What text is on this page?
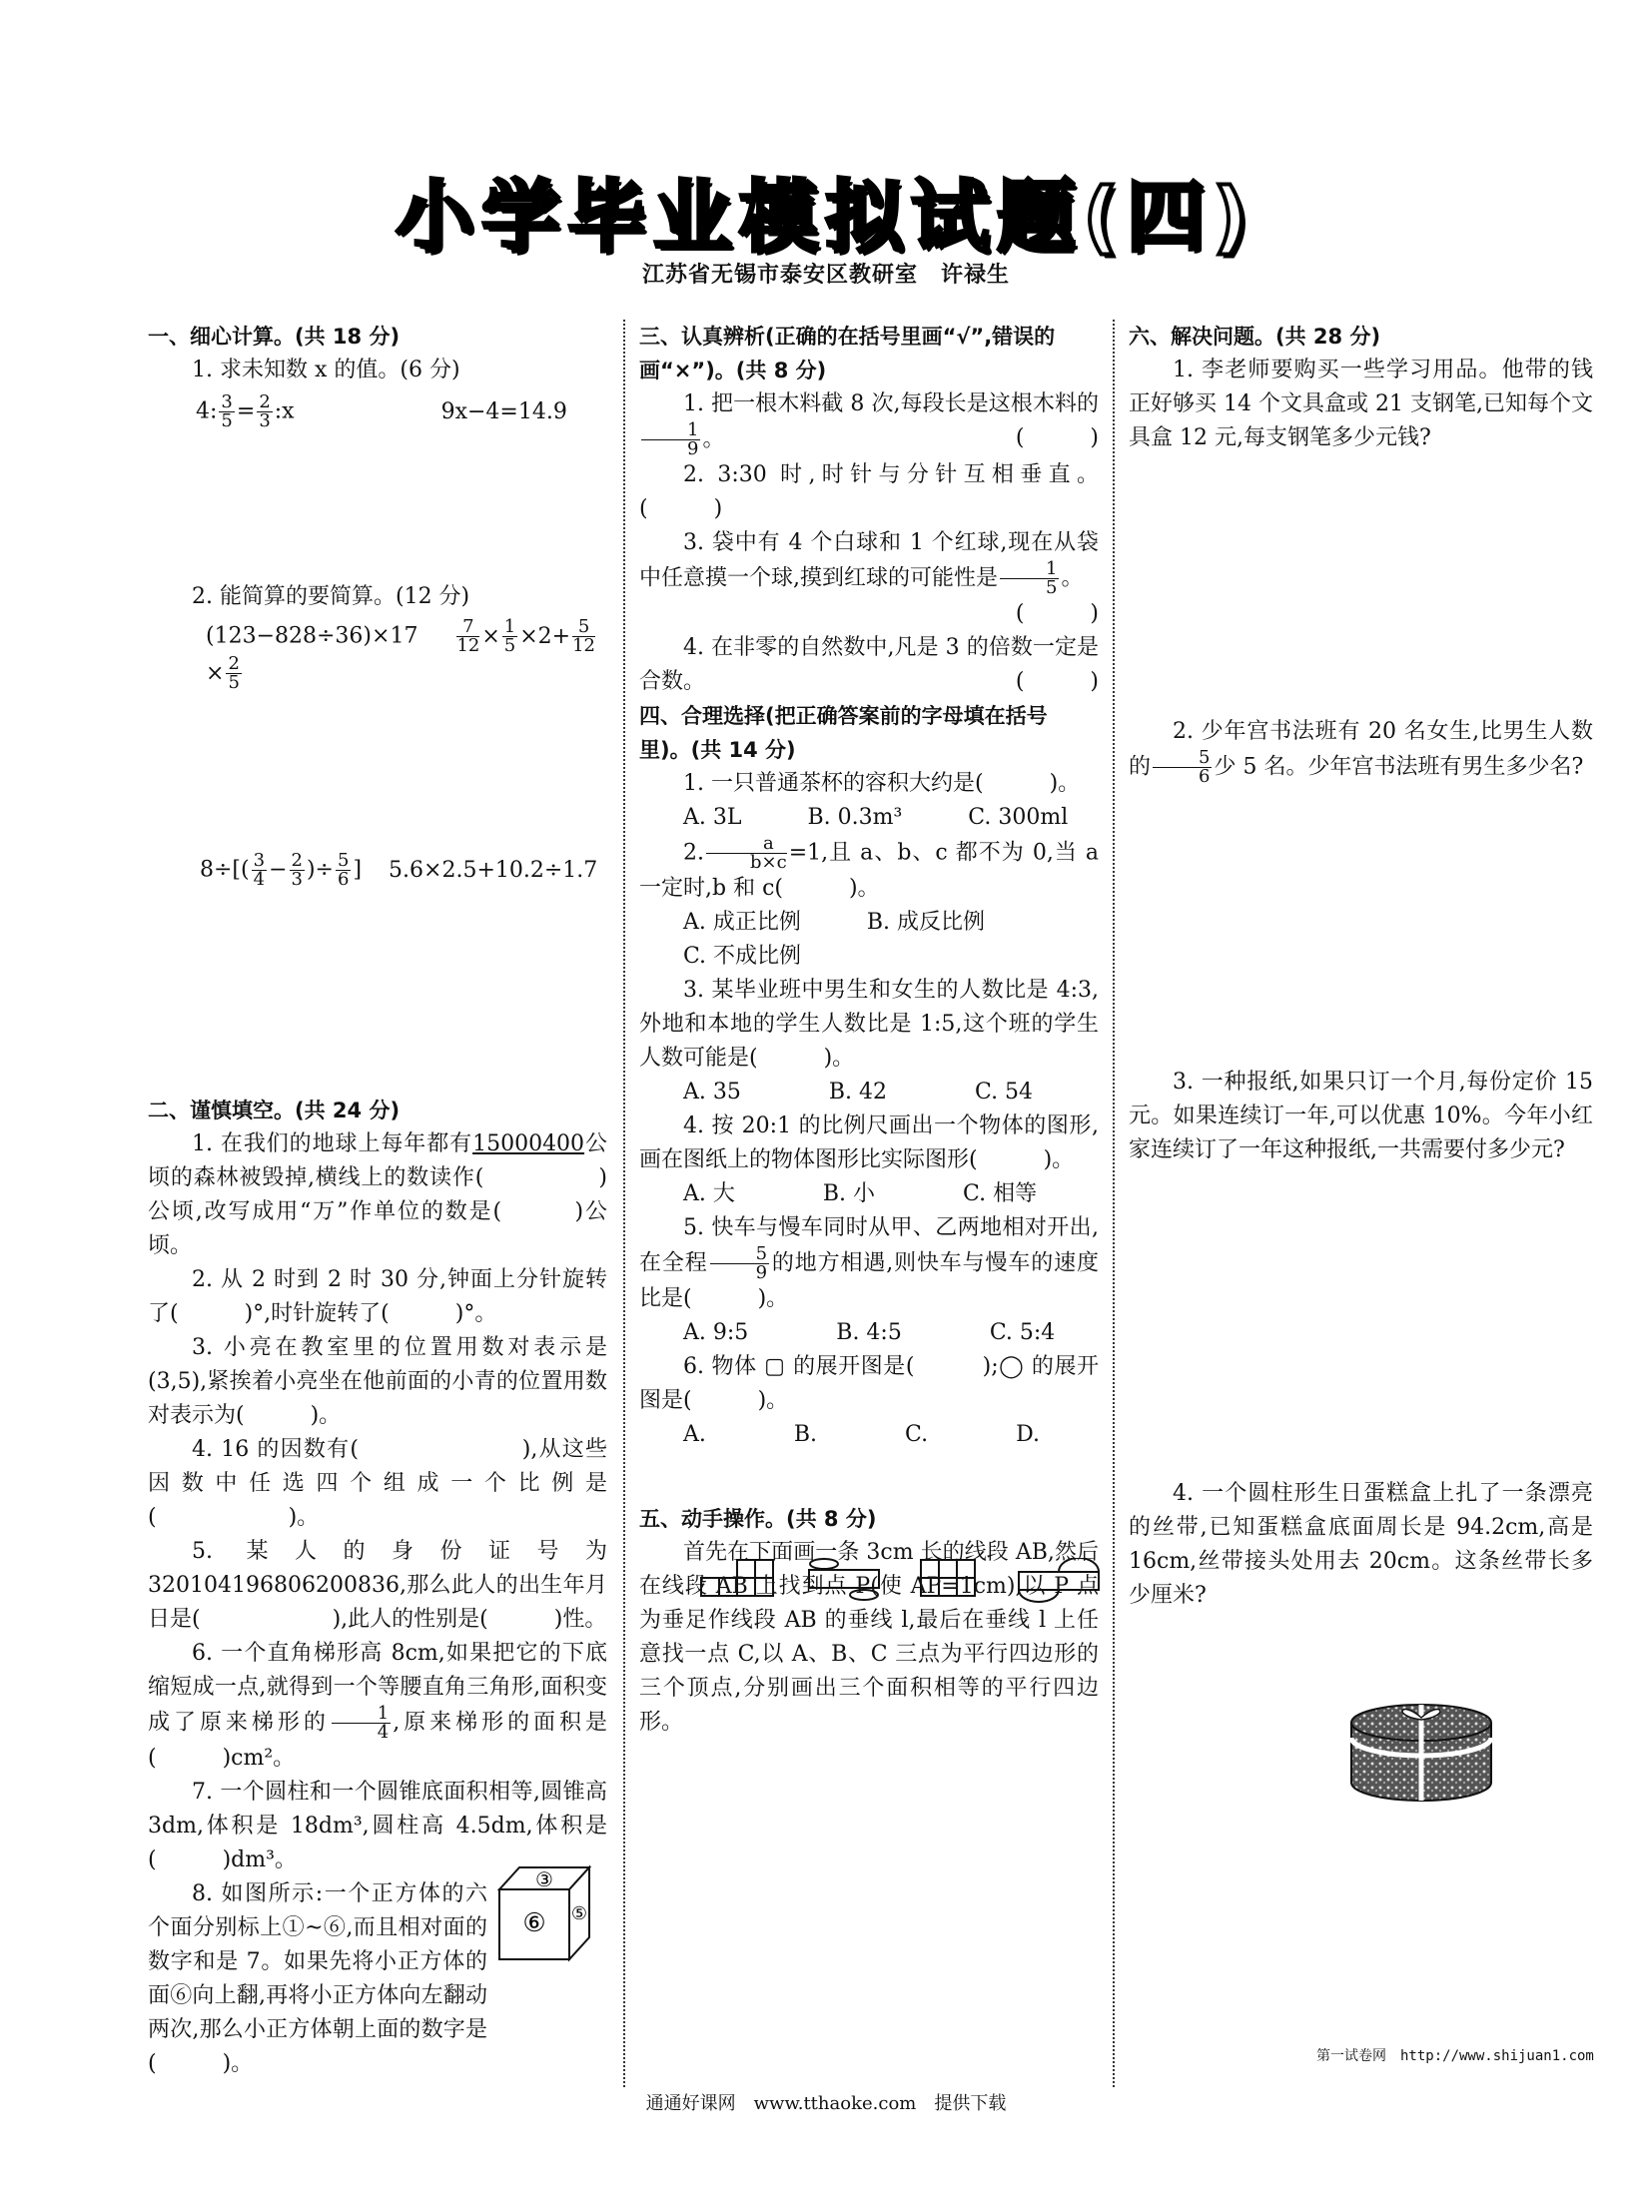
小学毕业模拟试题(四)
江苏省无锡市泰安区教研室　许禄生

一、细心计算。(共 18 分)

1. 求未知数 x 的值。(6 分)

4: $\frac{3}{5} = \frac{2}{3}$ :x	9x−4=14.9

2. 能简算的要简算。(12 分)

$(123-828\div 36)\times 17 \frac{7}{12} \times \frac{1}{5} \times 2+ \frac{5}{12}$
× $\frac{2}{5}$

$8\div[( \frac{3}{4} - \frac{2}{3}$ )÷ $\frac{5}{6}$ ] 5.6×2.5+10.2÷1.7

二、谨慎填空。(共 24 分)

1. 在我们的地球上每年都有15000400公顷的森林被毁掉,横线上的数读作(　　　　　)公顷,改写成用“万”作单位的数是(　　　)公顷。

2. 从 2 时到 2 时 30 分,钟面上分针旋转了(　　　)°,时针旋转了(　　　)°。

3. 小亮在教室里的位置用数对表示是(3,5),紧挨着小亮坐在他前面的小青的位置用数对表示为(　　　)。

4. 16 的因数有(　　　　　　　),从这些因数中任选四个组成一个比例是(　　　　　　)。

5. 某人的身份证号为 320104196806200836,那么此人的出生年月日是(　　　　　　),此人的性别是(　　　)性。

6. 一个直角梯形高 8cm,如果把它的下底缩短成一点,就得到一个等腰直角三角形,面积变成了原来梯形的 $\frac{1}{4}$ ,原来梯形的面积是(　　　)cm²。

7. 一个圆柱和一个圆锥底面积相等,圆锥高 3dm,体积是 18dm³,圆柱高 4.5dm,体积是(　　　)dm³。

8. 如图所示:一个正方体的六个面分别标上①~⑥,而且相对面的数字和是 7。如果先将小正方体的面⑥向上翻,再将小正方体向左翻动两次,那么小正方体朝上面的数字是(　　　)。

③
⑥ ⑤

三、认真辨析(正确的在括号里画“√”,错误的画“×”)。(共 8 分)

1. 把一根木料截 8 次,每段长是这根木料的
$\frac{1}{9}$ 。	(　　　)

2. 3:30 时,时针与分针互相垂直。(　　　)

3. 袋中有 4 个白球和 1 个红球,现在从袋中任意摸一个球,摸到红球的可能性是 $\frac{1}{5}$ 。

(　　　)

4. 在非零的自然数中,凡是 3 的倍数一定是合数。	(　　　)

四、合理选择(把正确答案前的字母填在括号里)。(共 14 分)

1. 一只普通茶杯的容积大约是(　　　)。

A. 3L　　　B. 0.3m³　　　C. 300ml

2. $\frac{a}{b\times c} =1$,且 a、b、c 都不为 0,当 a 一定时,b 和 c(　　　)。

A. 成正比例　　　B. 成反比例

C. 不成比例

3. 某毕业班中男生和女生的人数比是 4:3,外地和本地的学生人数比是 1:5,这个班的学生人数可能是(　　　)。

A. 35　　　　B. 42　　　　C. 54

4. 按 20:1 的比例尺画出一个物体的图形,画在图纸上的物体图形比实际图形(　　　)。

A. 大　　　　B. 小　　　　C. 相等

5. 快车与慢车同时从甲、乙两地相对开出,在全程 $\frac{5}{9}$ 的地方相遇,则快车与慢车的速度比是(　　　)。

A. 9:5　　　　B. 4:5　　　　C. 5:4

6. 物体 ▢ 的展开图是(　　　);◯ 的展开图是(　　　)。

A.　　　　B.　　　　C.　　　　D.

五、动手操作。(共 8 分)

首先在下面画一条 3cm 长的线段 AB,然后在线段 AB 上找到点 P(使 AP=1cm),以 P 点为垂足作线段 AB 的垂线 l,最后在垂线 l 上任意找一点 C,以 A、B、C 三点为平行四边形的三个顶点,分别画出三个面积相等的平行四边形。

六、解决问题。(共 28 分)

1. 李老师要购买一些学习用品。他带的钱正好够买 14 个文具盒或 21 支钢笔,已知每个文具盒 12 元,每支钢笔多少元钱?

2. 少年宫书法班有 20 名女生,比男生人数的 $\frac{5}{6}$ 少 5 名。少年宫书法班有男生多少名?

3. 一种报纸,如果只订一个月,每份定价 15 元。如果连续订一年,可以优惠 10%。今年小红家连续订了一年这种报纸,一共需要付多少元?

4. 一个圆柱形生日蛋糕盒上扎了一条漂亮的丝带,已知蛋糕盒底面周长是 94.2cm,高是 16cm,丝带接头处用去 20cm。这条丝带长多少厘米?

第一试卷网　http://www.shijuan1.com
通通好课网　www.tthaoke.com　提供下载
